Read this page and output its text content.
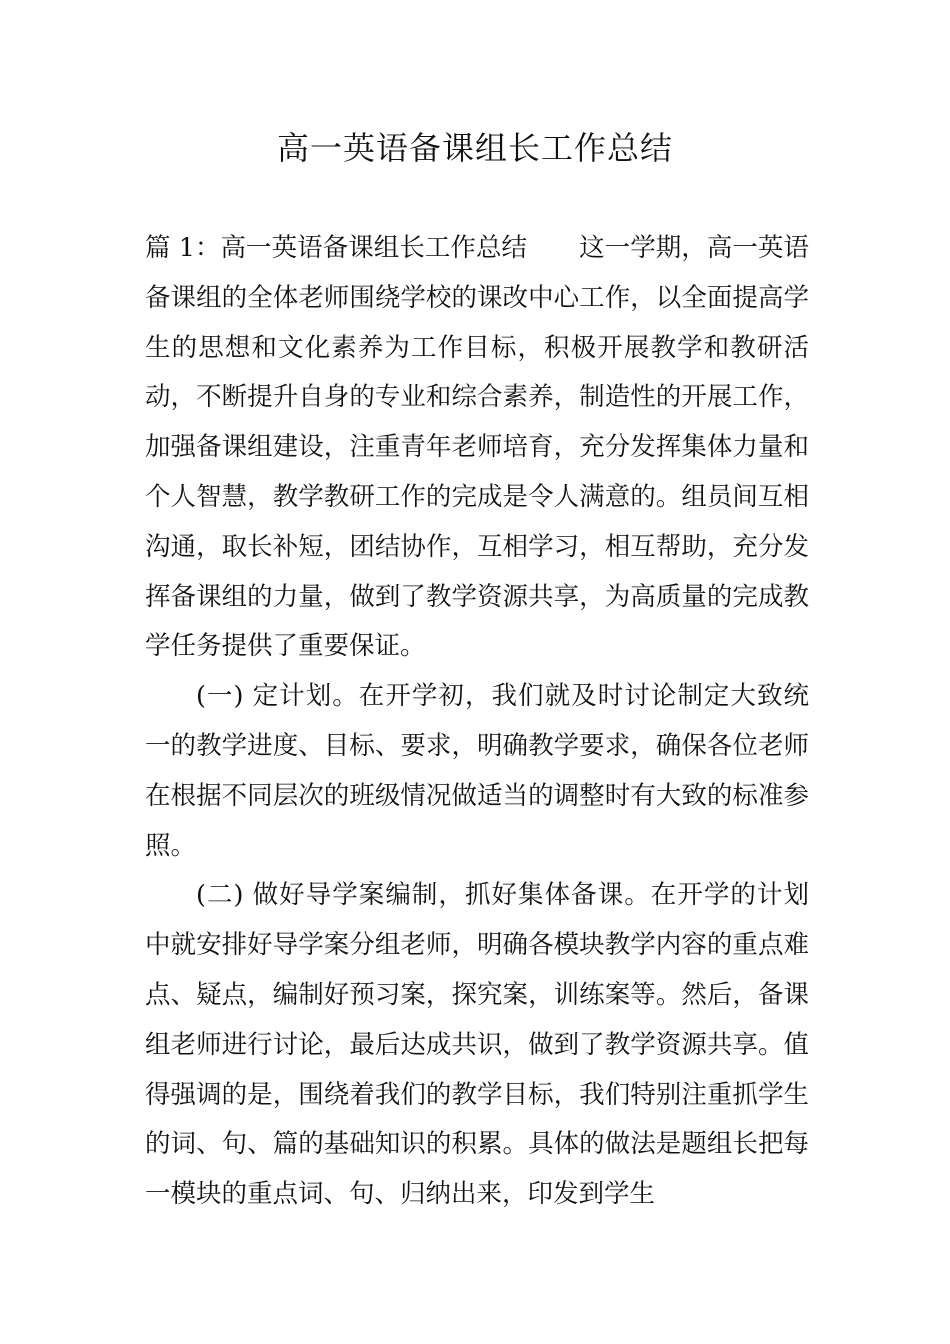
高一英语备课组长工作总结

篇 1：高一英语备课组长工作总结 这一学期，高一英语备课组的全体老师围绕学校的课改中心工作，以全面提高学生的思想和文化素养为工作目标，积极开展教学和教研活动，不断提升自身的专业和综合素养，制造性的开展工作，加强备课组建设，注重青年老师培育，充分发挥集体力量和个人智慧，教学教研工作的完成是令人满意的。组员间互相沟通，取长补短，团结协作，互相学习，相互帮助，充分发挥备课组的力量，做到了教学资源共享，为高质量的完成教学任务提供了重要保证。

(一) 定计划。在开学初，我们就及时讨论制定大致统一的教学进度、目标、要求，明确教学要求，确保各位老师在根据不同层次的班级情况做适当的调整时有大致的标准参照。

(二) 做好导学案编制，抓好集体备课。在开学的计划中就安排好导学案分组老师，明确各模块教学内容的重点难点、疑点，编制好预习案，探究案，训练案等。然后，备课组老师进行讨论，最后达成共识，做到了教学资源共享。值得强调的是，围绕着我们的教学目标，我们特别注重抓学生的词、句、篇的基础知识的积累。具体的做法是题组长把每一模块的重点词、句、归纳出来，印发到学生
